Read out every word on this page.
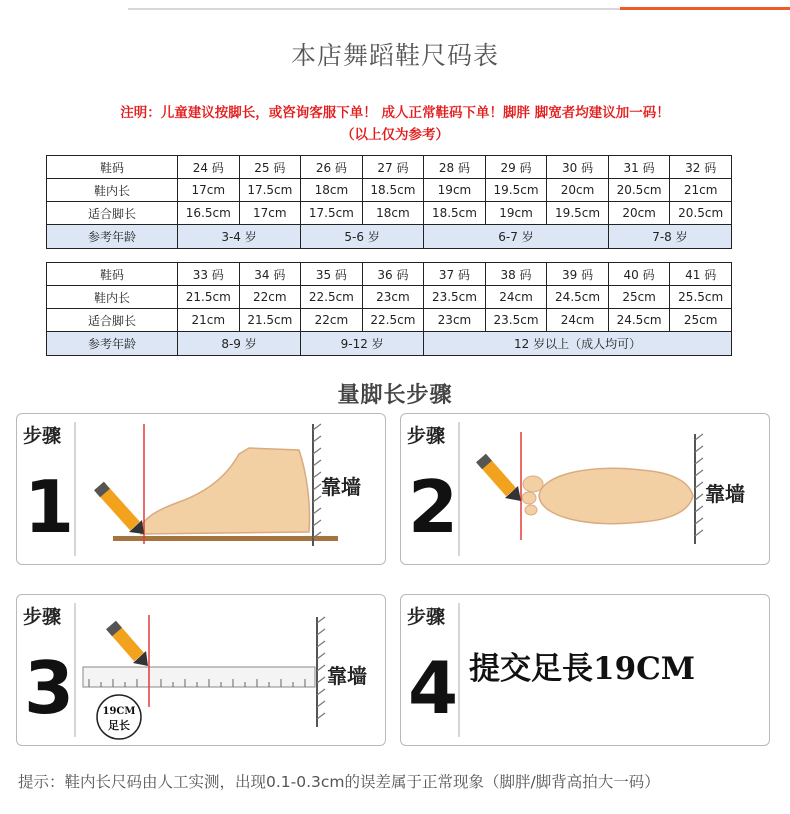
本店舞蹈鞋尺码表
注明：儿童建议按脚长，或咨询客服下单！ 成人正常鞋码下单！脚胖 脚宽者均建议加一码！
（以上仅为参考）
鞋码	24 码	25 码	26 码	27 码	28 码	29 码	30 码	31 码	32 码
鞋内长	17cm	17.5cm	18cm	18.5cm	19cm	19.5cm	20cm	20.5cm	21cm
适合脚长	16.5cm	17cm	17.5cm	18cm	18.5cm	19cm	19.5cm	20cm	20.5cm
参考年龄	3-4 岁		5-6 岁		6-7 岁			7-8 岁	
鞋码	33 码	34 码	35 码	36 码	37 码	38 码	39 码	40 码	41 码
鞋内长	21.5cm	22cm	22.5cm	23cm	23.5cm	24cm	24.5cm	25cm	25.5cm
适合脚长	21cm	21.5cm	22cm	22.5cm	23cm	23.5cm	24cm	24.5cm	25cm
参考年龄	8-9 岁		9-12 岁		12 岁以上（成人均可）				
量脚长步骤
步骤
1	靠墙
步骤
2	靠墙
步骤
3	19CM
足长
靠墙
步骤
4 提交足長19CM
提示：鞋内长尺码由人工实测，出现0.1-0.3cm的误差属于正常现象（脚胖/脚背高拍大一码）
